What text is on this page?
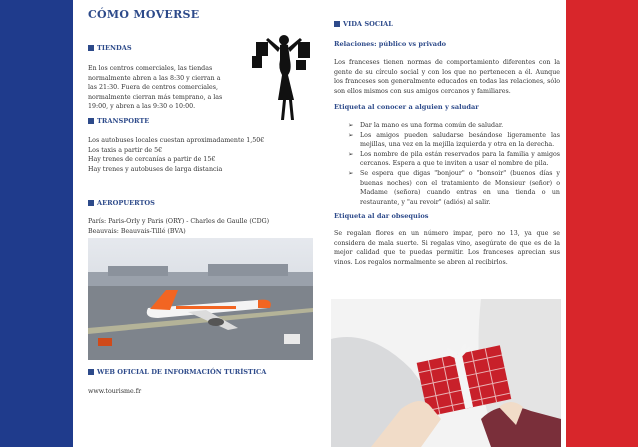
CÓMO MOVERSE
TIENDAS
En los centros comerciales, las tiendas
normalmente abren a las 8:30 y cierran a
las 21:30. Fuera de centros comerciales,
normalmente cierran más temprano, a las
19:00, y abren a las 9:30 o 10:00.
TRANSPORTE
Los autobuses locales cuestan aproximadamente 1,50€
Los taxis a partir de 5€
Hay trenes de cercanías a partir de 15€
Hay trenes y autobuses de larga distancia
AEROPUERTOS
París: Paris-Orly y Paris (ORY) - Charles de Gaulle (CDG)
Beauvais: Beauvais-Tillé (BVA)
WEB OFICIAL DE INFORMACIÓN TURÍSTICA
www.tourisme.fr
VIDA SOCIAL
Relaciones: público vs privado
Los franceses tienen normas de comportamiento diferentes con la gente de su círculo social y con los que no pertenecen a él. Aunque los franceses son generalmente educados en todas las relaciones, sólo son ellos mismos con sus amigos cercanos y familiares.
Etiqueta al conocer a alguien y saludar
➢ Dar la mano es una forma común de saludar.
➢ Los amigos pueden saludarse besándose ligeramente las mejillas, una vez en la mejilla izquierda y otra en la derecha.
➢ Los nombre de pila están reservados para la familia y amigos cercanos. Espera a que te inviten a usar el nombre de pila.
➢ Se espera que digas "bonjour" o "bonsoir" (buenos días y buenas noches) con el tratamiento de Monsieur (señor) o Madame (señora) cuando entras en una tienda o un restaurante, y "au revoir" (adiós) al salir.
Etiqueta al dar obsequios
Se regalan flores en un número impar, pero no 13, ya que se considera de mala suerte. Si regalas vino, asegúrate de que es de la mejor calidad que te puedas permitir. Los franceses aprecian sus vinos. Los regalos normalmente se abren al recibirlos.
